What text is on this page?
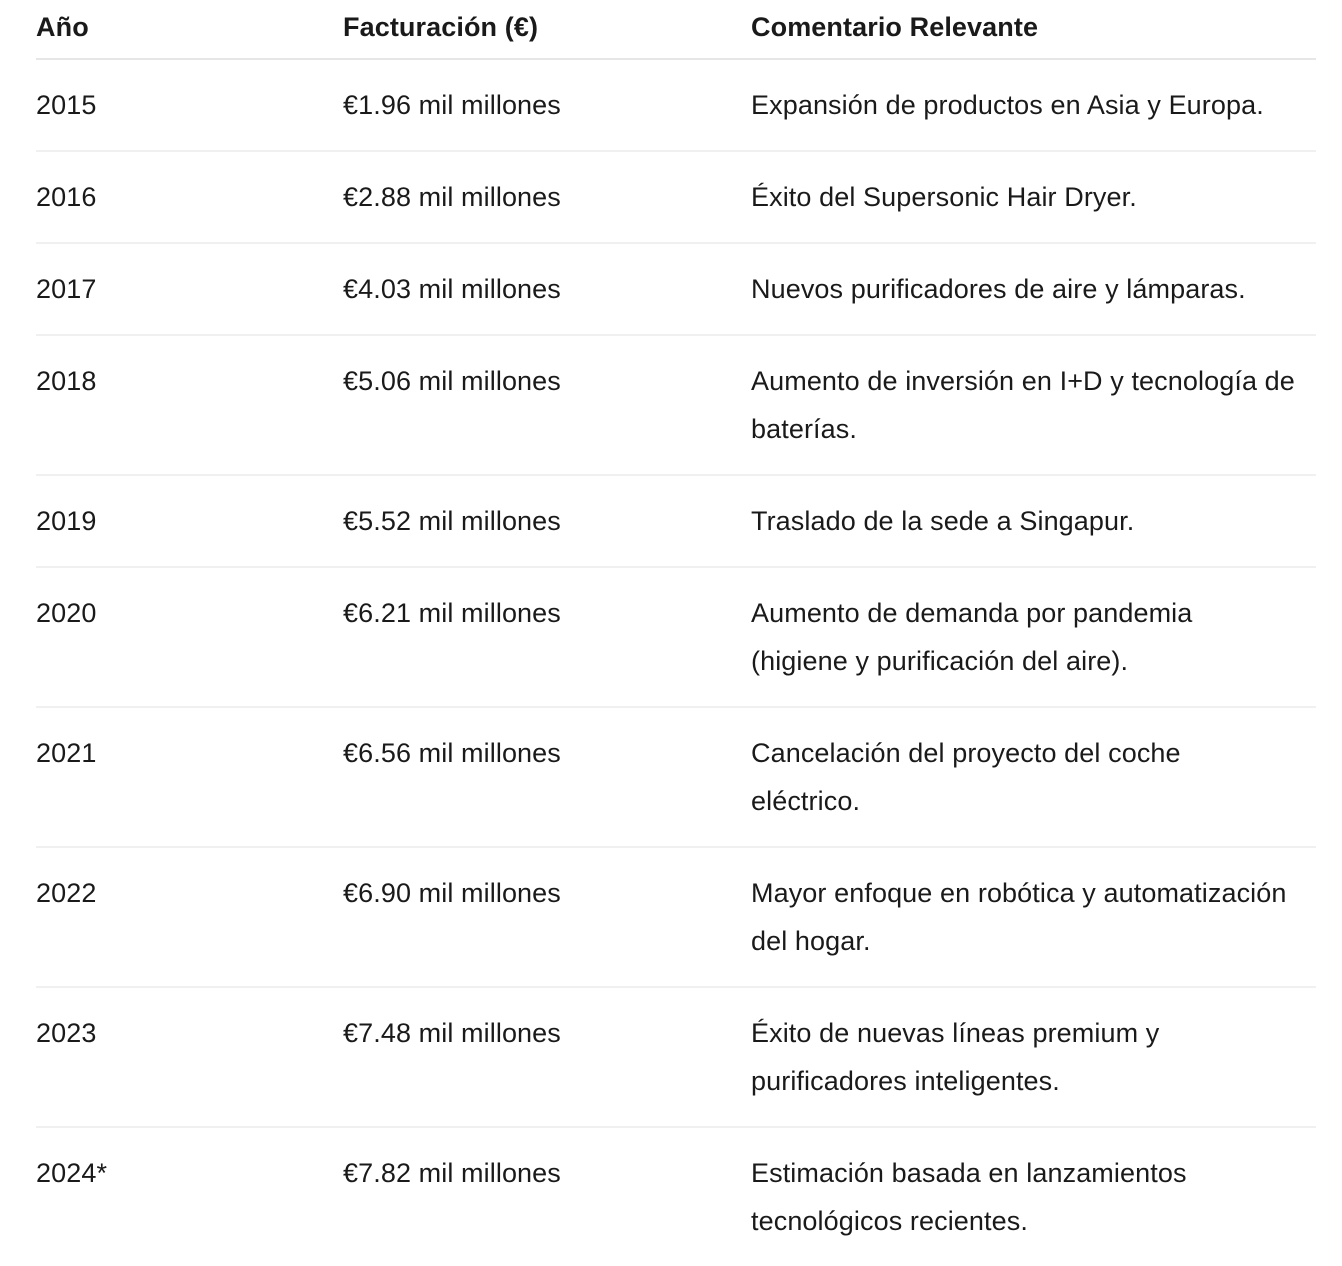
Año	Facturación (€)	Comentario Relevante
2015	€1.96 mil millones	Expansión de productos en Asia y Europa.
2016	€2.88 mil millones	Éxito del Supersonic Hair Dryer.
2017	€4.03 mil millones	Nuevos purificadores de aire y lámparas.
2018	€5.06 mil millones	Aumento de inversión en I+D y tecnología de baterías.
2019	€5.52 mil millones	Traslado de la sede a Singapur.
2020	€6.21 mil millones	Aumento de demanda por pandemia (higiene y purificación del aire).
2021	€6.56 mil millones	Cancelación del proyecto del coche eléctrico.
2022	€6.90 mil millones	Mayor enfoque en robótica y automatización del hogar.
2023	€7.48 mil millones	Éxito de nuevas líneas premium y purificadores inteligentes.
2024*	€7.82 mil millones	Estimación basada en lanzamientos tecnológicos recientes.
